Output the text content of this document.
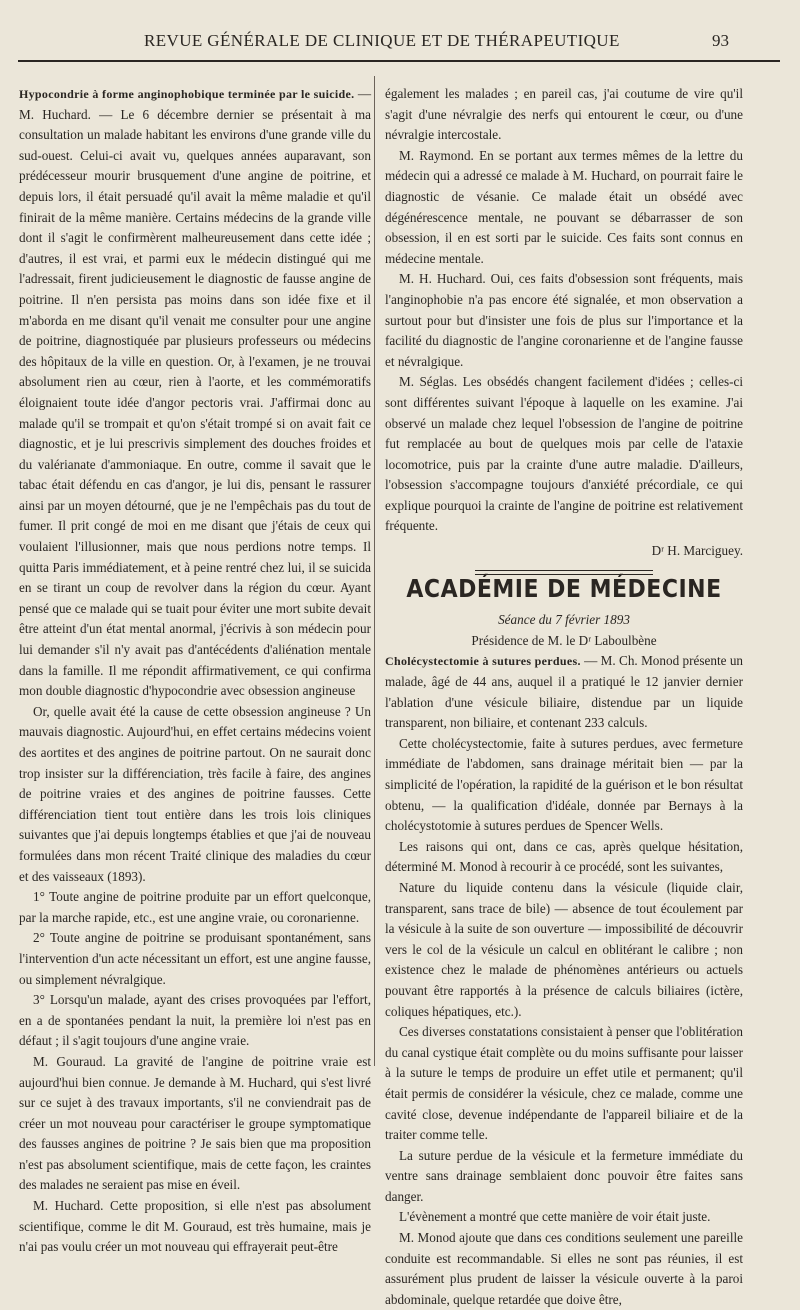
REVUE GÉNÉRALE DE CLINIQUE ET DE THÉRAPEUTIQUE	93

Hypocondrie à forme anginophobique terminée par le suicide. — M. Huchard. — Le 6 décembre dernier se présentait à ma consultation un malade habitant les environs d'une grande ville du sud-ouest. Celui-ci avait vu, quelques années auparavant, son prédécesseur mourir brusquement d'une angine de poitrine, et depuis lors, il était persuadé qu'il avait la même maladie et qu'il finirait de la même manière. Certains médecins de la grande ville dont il s'agit le confirmèrent malheureusement dans cette idée ; d'autres, il est vrai, et parmi eux le médecin distingué qui me l'adressait, firent judicieusement le diagnostic de fausse angine de poitrine. Il n'en persista pas moins dans son idée fixe et il m'aborda en me disant qu'il venait me consulter pour une angine de poitrine, diagnostiquée par plusieurs professeurs ou médecins des hôpitaux de la ville en question. Or, à l'examen, je ne trouvai absolument rien au cœur, rien à l'aorte, et les commémoratifs éloignaient toute idée d'angor pectoris vrai. J'affirmai donc au malade qu'il se trompait et qu'on s'était trompé si on avait fait ce diagnostic, et je lui prescrivis simplement des douches froides et du valérianate d'ammoniaque. En outre, comme il savait que le tabac était défendu en cas d'angor, je lui dis, pensant le rassurer ainsi par un moyen détourné, que je ne l'empêchais pas du tout de fumer. Il prit congé de moi en me disant que j'étais de ceux qui voulaient l'illusionner, mais que nous perdions notre temps. Il quitta Paris immédiatement, et à peine rentré chez lui, il se suicida en se tirant un coup de revolver dans la région du cœur. Ayant pensé que ce malade qui se tuait pour éviter une mort subite devait être atteint d'un état mental anormal, j'écrivis à son médecin pour lui demander s'il n'y avait pas d'antécédents d'aliénation mentale dans la famille. Il me répondit affirmativement, ce qui confirma mon double diagnostic d'hypocondrie avec obsession angineuse

Or, quelle avait été la cause de cette obsession angineuse ? Un mauvais diagnostic. Aujourd'hui, en effet certains médecins voient des aortites et des angines de poitrine partout. On ne saurait donc trop insister sur la différenciation, très facile à faire, des angines de poitrine vraies et des angines de poitrine fausses. Cette différenciation tient tout entière dans les trois lois cliniques suivantes que j'ai depuis longtemps établies et que j'ai de nouveau formulées dans mon récent Traité clinique des maladies du cœur et des vaisseaux (1893).

1° Toute angine de poitrine produite par un effort quelconque, par la marche rapide, etc., est une angine vraie, ou coronarienne.

2° Toute angine de poitrine se produisant spontanément, sans l'intervention d'un acte nécessitant un effort, est une angine fausse, ou simplement névralgique.

3° Lorsqu'un malade, ayant des crises provoquées par l'effort, en a de spontanées pendant la nuit, la première loi n'est pas en défaut ; il s'agit toujours d'une angine vraie.

M. Gouraud. La gravité de l'angine de poitrine vraie est aujourd'hui bien connue. Je demande à M. Huchard, qui s'est livré sur ce sujet à des travaux importants, s'il ne conviendrait pas de créer un mot nouveau pour caractériser le groupe symptomatique des fausses angines de poitrine ? Je sais bien que ma proposition n'est pas absolument scientifique, mais de cette façon, les craintes des malades ne seraient pas mise en éveil.

M. Huchard. Cette proposition, si elle n'est pas absolument scientifique, comme le dit M. Gouraud, est très humaine, mais je n'ai pas voulu créer un mot nouveau qui effrayerait peut-être

également les malades ; en pareil cas, j'ai coutume de vire qu'il s'agit d'une névralgie des nerfs qui entourent le cœur, ou d'une névralgie intercostale.

M. Raymond. En se portant aux termes mêmes de la lettre du médecin qui a adressé ce malade à M. Huchard, on pourrait faire le diagnostic de vésanie. Ce malade était un obsédé avec dégénérescence mentale, ne pouvant se débarrasser de son obsession, il en est sorti par le suicide. Ces faits sont connus en médecine mentale.

M. H. Huchard. Oui, ces faits d'obsession sont fréquents, mais l'anginophobie n'a pas encore été signalée, et mon observation a surtout pour but d'insister une fois de plus sur l'importance et la facilité du diagnostic de l'angine coronarienne et de l'angine fausse et névralgique.

M. Séglas. Les obsédés changent facilement d'idées ; celles-ci sont différentes suivant l'époque à laquelle on les examine. J'ai observé un malade chez lequel l'obsession de l'angine de poitrine fut remplacée au bout de quelques mois par celle de l'ataxie locomotrice, puis par la crainte d'une autre maladie. D'ailleurs, l'obsession s'accompagne toujours d'anxiété précordiale, ce qui explique pourquoi la crainte de l'angine de poitrine est relativement fréquente.

Dʳ H. Marciguey.
ACADÉMIE DE MÉDECINE
Séance du 7 février 1893
Présidence de M. le Dʳ Laboulbène

Cholécystectomie à sutures perdues. — M. Ch. Monod présente un malade, âgé de 44 ans, auquel il a pratiqué le 12 janvier dernier l'ablation d'une vésicule biliaire, distendue par un liquide transparent, non biliaire, et contenant 233 calculs.

Cette cholécystectomie, faite à sutures perdues, avec fermeture immédiate de l'abdomen, sans drainage méritait bien — par la simplicité de l'opération, la rapidité de la guérison et le bon résultat obtenu, — la qualification d'idéale, donnée par Bernays à la cholécystotomie à sutures perdues de Spencer Wells.

Les raisons qui ont, dans ce cas, après quelque hésitation, déterminé M. Monod à recourir à ce procédé, sont les suivantes,

Nature du liquide contenu dans la vésicule (liquide clair, transparent, sans trace de bile) — absence de tout écoulement par la vésicule à la suite de son ouverture — impossibilité de découvrir vers le col de la vésicule un calcul en oblitérant le calibre ; non existence chez le malade de phénomènes antérieurs ou actuels pouvant être rapportés à la présence de calculs biliaires (ictère, coliques hépatiques, etc.).

Ces diverses constatations consistaient à penser que l'oblitération du canal cystique était complète ou du moins suffisante pour laisser à la suture le temps de produire un effet utile et permanent; qu'il était permis de considérer la vésicule, chez ce malade, comme une cavité close, devenue indépendante de l'appareil biliaire et de la traiter comme telle.

La suture perdue de la vésicule et la fermeture immédiate du ventre sans drainage semblaient donc pouvoir être faites sans danger.

L'évènement a montré que cette manière de voir était juste.

M. Monod ajoute que dans ces conditions seulement une pareille conduite est recommandable. Si elles ne sont pas réunies, il est assurément plus prudent de laisser la vésicule ouverte à la paroi abdominale, quelque retardée que doive être,
